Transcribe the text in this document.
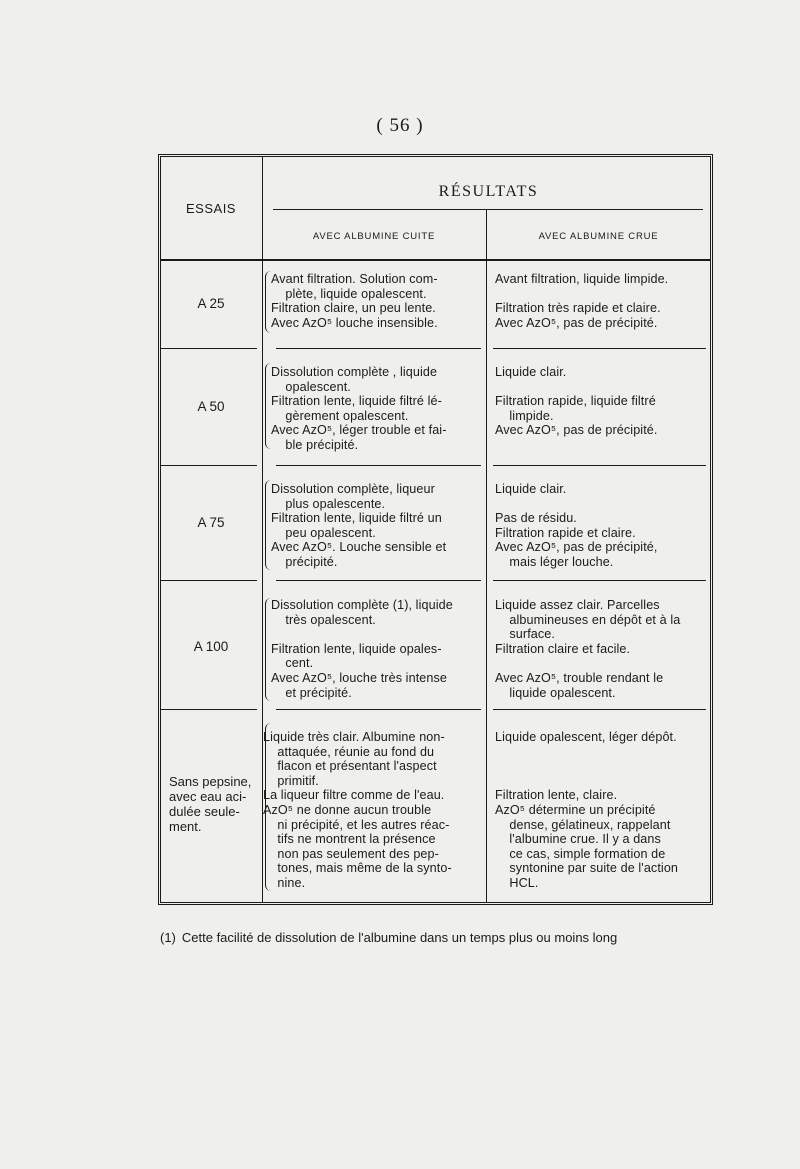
( 56 )
ESSAIS
RÉSULTATS
AVEC ALBUMINE CUITE	AVEC ALBUMINE CRUE
A 25
Avant filtration. Solution com-
plète, liquide opalescent.
Filtration claire, un peu lente.
Avec AzO⁵ louche insensible.
Avant filtration, liquide limpide.

Filtration très rapide et claire.
Avec AzO⁵, pas de précipité.
A 50
Dissolution complète , liquide
opalescent.
Filtration lente, liquide filtré lé-
gèrement opalescent.
Avec AzO⁵, léger trouble et fai-
ble précipité.
Liquide clair.

Filtration rapide, liquide filtré
limpide.
Avec AzO⁵, pas de précipité.
A 75
Dissolution complète, liqueur
plus opalescente.
Filtration lente, liquide filtré un
peu opalescent.
Avec AzO⁵. Louche sensible et
précipité.
Liquide clair.

Pas de résidu.
Filtration rapide et claire.
Avec AzO⁵, pas de précipité,
mais léger louche.
A 100
Dissolution complète (1), liquide
très opalescent.

Filtration lente, liquide opales-
cent.
Avec AzO⁵, louche très intense
et précipité.
Liquide assez clair. Parcelles
albumineuses en dépôt et à la
surface.
Filtration claire et facile.

Avec AzO⁵, trouble rendant le
liquide opalescent.
Sans pepsine,
avec eau aci-
dulée seule-
ment.
Liquide très clair. Albumine non-
attaquée, réunie au fond du
flacon et présentant l'aspect
primitif.
La liqueur filtre comme de l'eau.
AzO⁵ ne donne aucun trouble
ni précipité, et les autres réac-
tifs ne montrent la présence
non pas seulement des pep-
tones, mais même de la synto-
nine.
Liquide opalescent, léger dépôt.

Filtration lente, claire.
AzO⁵ détermine un précipité
dense, gélatineux, rappelant
l'albumine crue. Il y a dans
ce cas, simple formation de
syntonine par suite de l'action
HCL.
(1) Cette facilité de dissolution de l'albumine dans un temps plus ou moins long
